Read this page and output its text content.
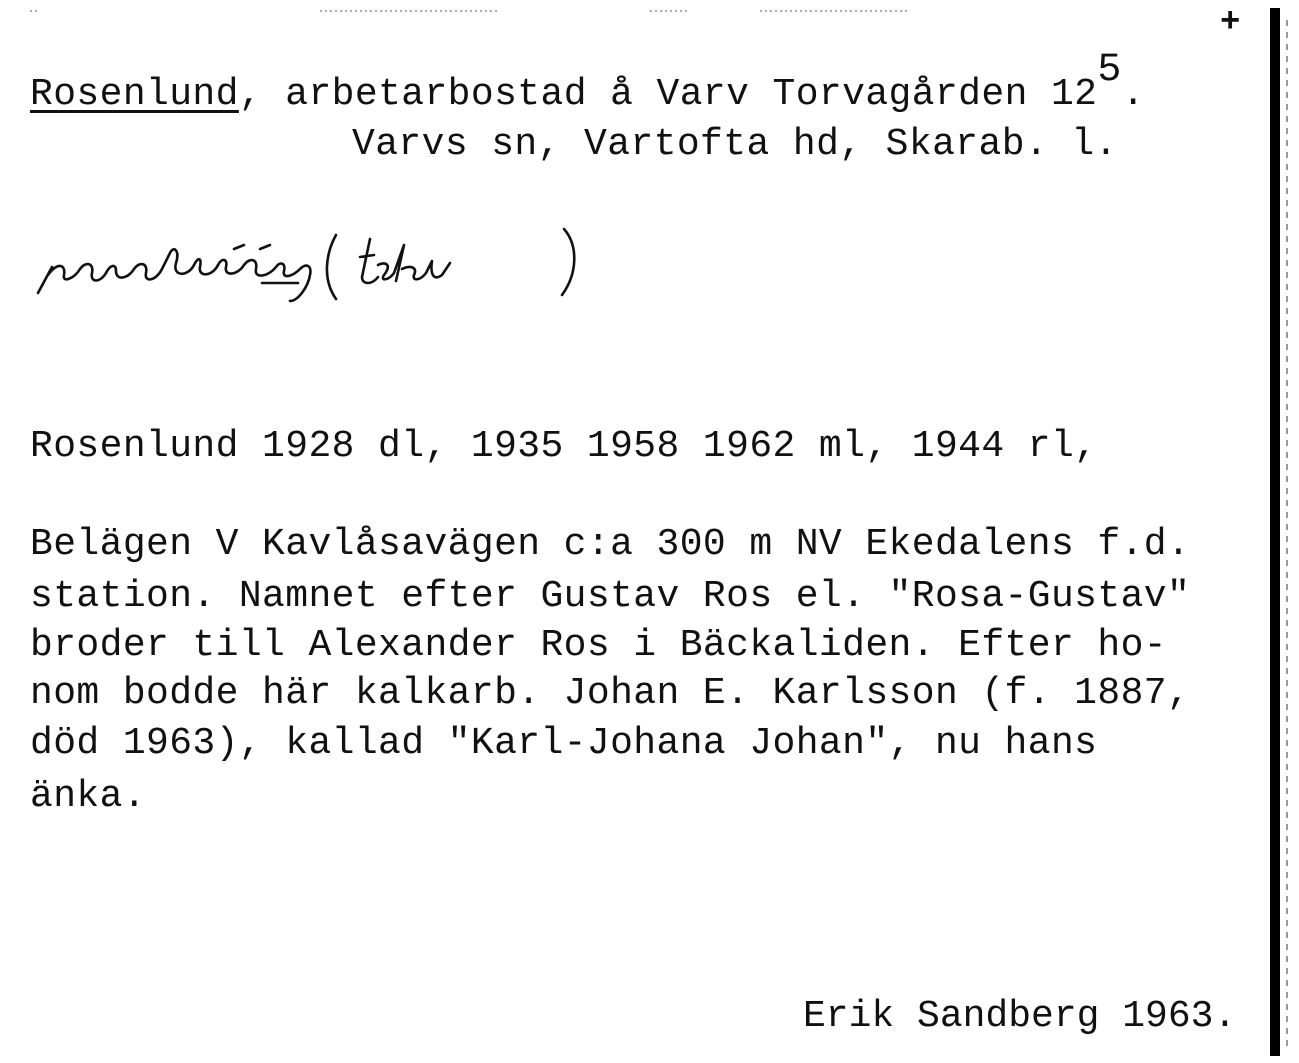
+
Rosenlund, arbetarbostad å Varv Torvagården 125.
Varvs sn, Vartofta hd, Skarab. l.
Rosenlund 1928 dl, 1935 1958 1962 ml, 1944 rl,
Belägen V Kavlåsavägen c:a 300 m NV Ekedalens f.d.
station. Namnet efter Gustav Ros el. "Rosa-Gustav"
broder till Alexander Ros i Bäckaliden. Efter ho-
nom bodde här kalkarb. Johan E. Karlsson (f. 1887,
död 1963), kallad "Karl-Johana Johan", nu hans
änka.
Erik Sandberg 1963.
